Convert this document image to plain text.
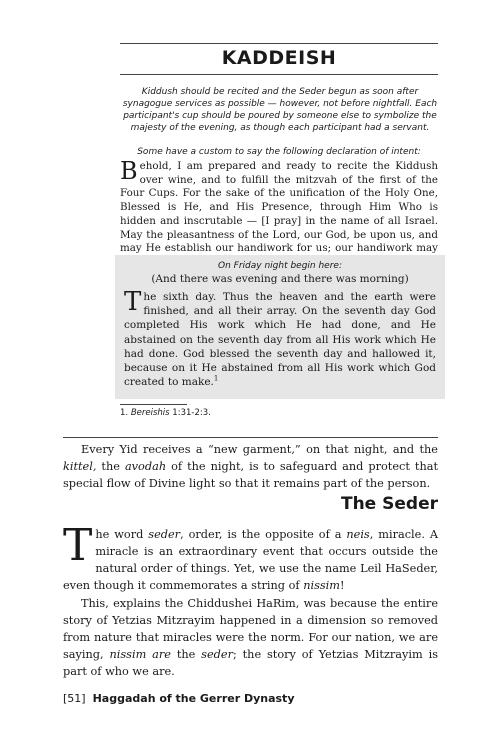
KADDEISH

Kiddush should be recited and the Seder begun as soon after synagogue services as possible — however, not before nightfall. Each participant's cup should be poured by someone else to symbolize the majesty of the evening, as though each participant had a servant.

Some have a custom to say the following declaration of intent:

Behold, I am prepared and ready to recite the Kiddush over wine, and to fulfill the mitzvah of the first of the Four Cups. For the sake of the unification of the Holy One, Blessed is He, and His Presence, through Him Who is hidden and inscrutable — [I pray] in the name of all Israel. May the pleasantness of the Lord, our God, be upon us, and may He establish our handiwork for us; our handiwork may

On Friday night begin here:

(And there was evening and there was morning)

The sixth day. Thus the heaven and the earth were finished, and all their array. On the seventh day God completed His work which He had done, and He abstained on the seventh day from all His work which He had done. God blessed the seventh day and hallowed it, because on it He abstained from all His work which God created to make.$^1$

1. Bereishis 1:31-2:3.

Every Yid receives a “new garment,” on that night, and the kittel, the avodah of the night, is to safeguard and protect that special flow of Divine light so that it remains part of the person.

The Seder

The word seder, order, is the opposite of a neis, miracle. A miracle is an extraordinary event that occurs outside the natural order of things. Yet, we use the name Leil HaSeder, even though it commemorates a string of nissim!

This, explains the Chiddushei HaRim, was because the entire story of Yetzias Mitzrayim happened in a dimension so removed from nature that miracles were the norm. For our nation, we are saying, nissim are the seder; the story of Yetzias Mitzrayim is part of who we are.

[51] Haggadah of the Gerrer Dynasty
